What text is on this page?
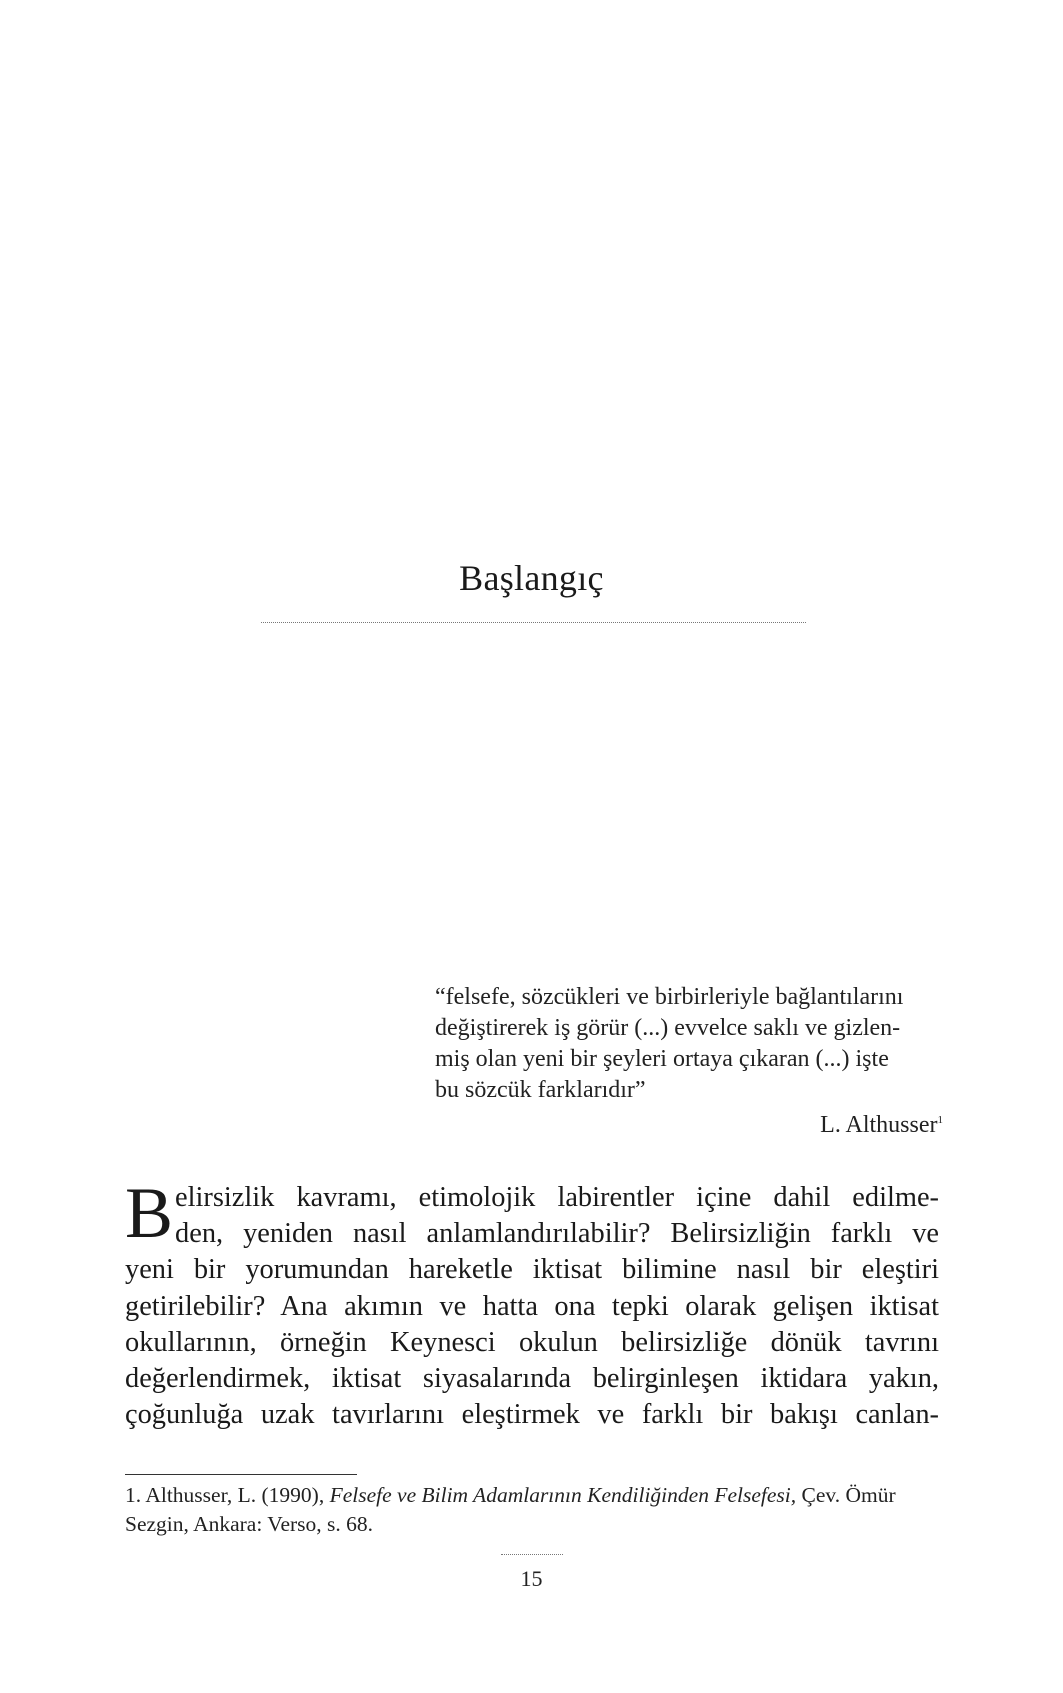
Başlangıç
“felsefe, sözcükleri ve birbirleriyle bağlantılarını
değiştirerek iş görür (...) evvelce saklı ve gizlen-
miş olan yeni bir şeyleri ortaya çıkaran (...) işte
bu sözcük farklarıdır”
L. Althusser$^1$
B elirsizlik kavramı, etimolojik labirentler içine dahil edilme-
den, yeniden nasıl anlamlandırılabilir? Belirsizliğin farklı ve
yeni bir yorumundan hareketle iktisat bilimine nasıl bir eleştiri
getirilebilir? Ana akımın ve hatta ona tepki olarak gelişen iktisat
okullarının, örneğin Keynesci okulun belirsizliğe dönük tavrını
değerlendirmek, iktisat siyasalarında belirginleşen iktidara yakın,
çoğunluğa uzak tavırlarını eleştirmek ve farklı bir bakışı canlan-
1. Althusser, L. (1990), Felsefe ve Bilim Adamlarının Kendiliğinden Felsefesi, Çev. Ömür
Sezgin, Ankara: Verso, s. 68.
15
